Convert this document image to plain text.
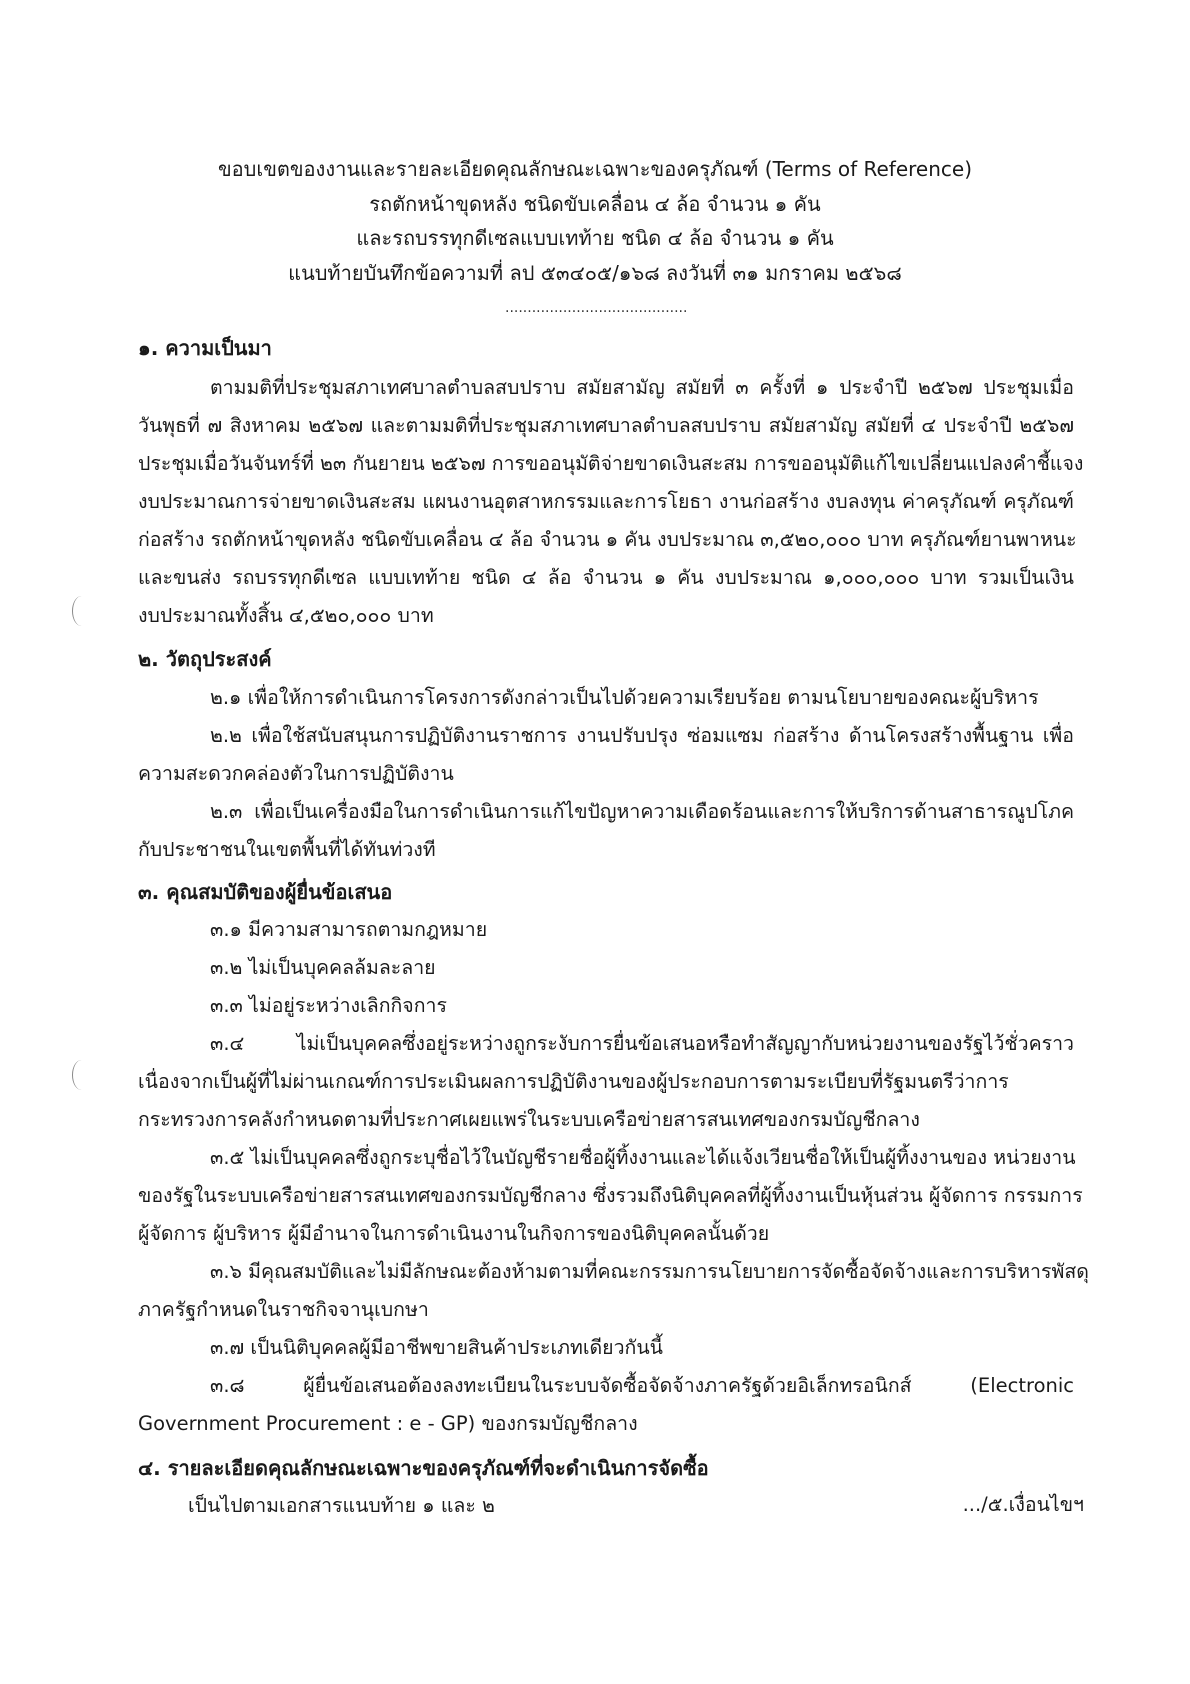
ขอบเขตของงานและรายละเอียดคุณลักษณะเฉพาะของครุภัณฑ์ (Terms of Reference)
รถตักหน้าขุดหลัง ชนิดขับเคลื่อน ๔ ล้อ จำนวน ๑ คัน
และรถบรรทุกดีเซลแบบเทท้าย ชนิด ๔ ล้อ จำนวน ๑ คัน
แนบท้ายบันทึกข้อความที่ ลป ๕๓๔๐๕/๑๖๘ ลงวันที่ ๓๑ มกราคม ๒๕๖๘
.........................................
๑. ความเป็นมา
ตามมติที่ประชุมสภาเทศบาลตำบลสบปราบ สมัยสามัญ สมัยที่ ๓ ครั้งที่ ๑ ประจำปี ๒๕๖๗ ประชุมเมื่อ
วันพุธที่ ๗ สิงหาคม ๒๕๖๗ และตามมติที่ประชุมสภาเทศบาลตำบลสบปราบ สมัยสามัญ สมัยที่ ๔ ประจำปี ๒๕๖๗
ประชุมเมื่อวันจันทร์ที่ ๒๓ กันยายน ๒๕๖๗ การขออนุมัติจ่ายขาดเงินสะสม การขออนุมัติแก้ไขเปลี่ยนแปลงคำชี้แจง
งบประมาณการจ่ายขาดเงินสะสม แผนงานอุตสาหกรรมและการโยธา งานก่อสร้าง งบลงทุน ค่าครุภัณฑ์ ครุภัณฑ์
ก่อสร้าง รถตักหน้าขุดหลัง ชนิดขับเคลื่อน ๔ ล้อ จำนวน ๑ คัน งบประมาณ ๓,๕๒๐,๐๐๐ บาท ครุภัณฑ์ยานพาหนะ
และขนส่ง รถบรรทุกดีเซล แบบเทท้าย ชนิด ๔ ล้อ จำนวน ๑ คัน งบประมาณ ๑,๐๐๐,๐๐๐ บาท รวมเป็นเงิน
งบประมาณทั้งสิ้น ๔,๕๒๐,๐๐๐ บาท
๒. วัตถุประสงค์
๒.๑ เพื่อให้การดำเนินการโครงการดังกล่าวเป็นไปด้วยความเรียบร้อย ตามนโยบายของคณะผู้บริหาร
๒.๒ เพื่อใช้สนับสนุนการปฏิบัติงานราชการ งานปรับปรุง ซ่อมแซม ก่อสร้าง ด้านโครงสร้างพื้นฐาน เพื่อ
ความสะดวกคล่องตัวในการปฏิบัติงาน
๒.๓ เพื่อเป็นเครื่องมือในการดำเนินการแก้ไขปัญหาความเดือดร้อนและการให้บริการด้านสาธารณูปโภค
กับประชาชนในเขตพื้นที่ได้ทันท่วงที
๓. คุณสมบัติของผู้ยื่นข้อเสนอ
๓.๑ มีความสามารถตามกฎหมาย
๓.๒ ไม่เป็นบุคคลล้มละลาย
๓.๓ ไม่อยู่ระหว่างเลิกกิจการ
๓.๔ ไม่เป็นบุคคลซึ่งอยู่ระหว่างถูกระงับการยื่นข้อเสนอหรือทำสัญญากับหน่วยงานของรัฐไว้ชั่วคราว
เนื่องจากเป็นผู้ที่ไม่ผ่านเกณฑ์การประเมินผลการปฏิบัติงานของผู้ประกอบการตามระเบียบที่รัฐมนตรีว่าการ
กระทรวงการคลังกำหนดตามที่ประกาศเผยแพร่ในระบบเครือข่ายสารสนเทศของกรมบัญชีกลาง
๓.๕ ไม่เป็นบุคคลซึ่งถูกระบุชื่อไว้ในบัญชีรายชื่อผู้ทิ้งงานและได้แจ้งเวียนชื่อให้เป็นผู้ทิ้งงานของ หน่วยงาน
ของรัฐในระบบเครือข่ายสารสนเทศของกรมบัญชีกลาง ซึ่งรวมถึงนิติบุคคลที่ผู้ทิ้งงานเป็นหุ้นส่วน ผู้จัดการ กรรมการ
ผู้จัดการ ผู้บริหาร ผู้มีอำนาจในการดำเนินงานในกิจการของนิติบุคคลนั้นด้วย
๓.๖ มีคุณสมบัติและไม่มีลักษณะต้องห้ามตามที่คณะกรรมการนโยบายการจัดซื้อจัดจ้างและการบริหารพัสดุ
ภาครัฐกำหนดในราชกิจจานุเบกษา
๓.๗ เป็นนิติบุคคลผู้มีอาชีพขายสินค้าประเภทเดียวกันนี้
๓.๘ ผู้ยื่นข้อเสนอต้องลงทะเบียนในระบบจัดซื้อจัดจ้างภาครัฐด้วยอิเล็กทรอนิกส์ (Electronic
Government Procurement : e - GP) ของกรมบัญชีกลาง
๔. รายละเอียดคุณลักษณะเฉพาะของครุภัณฑ์ที่จะดำเนินการจัดซื้อ
เป็นไปตามเอกสารแนบท้าย ๑ และ ๒	.../๕.เงื่อนไขฯ
